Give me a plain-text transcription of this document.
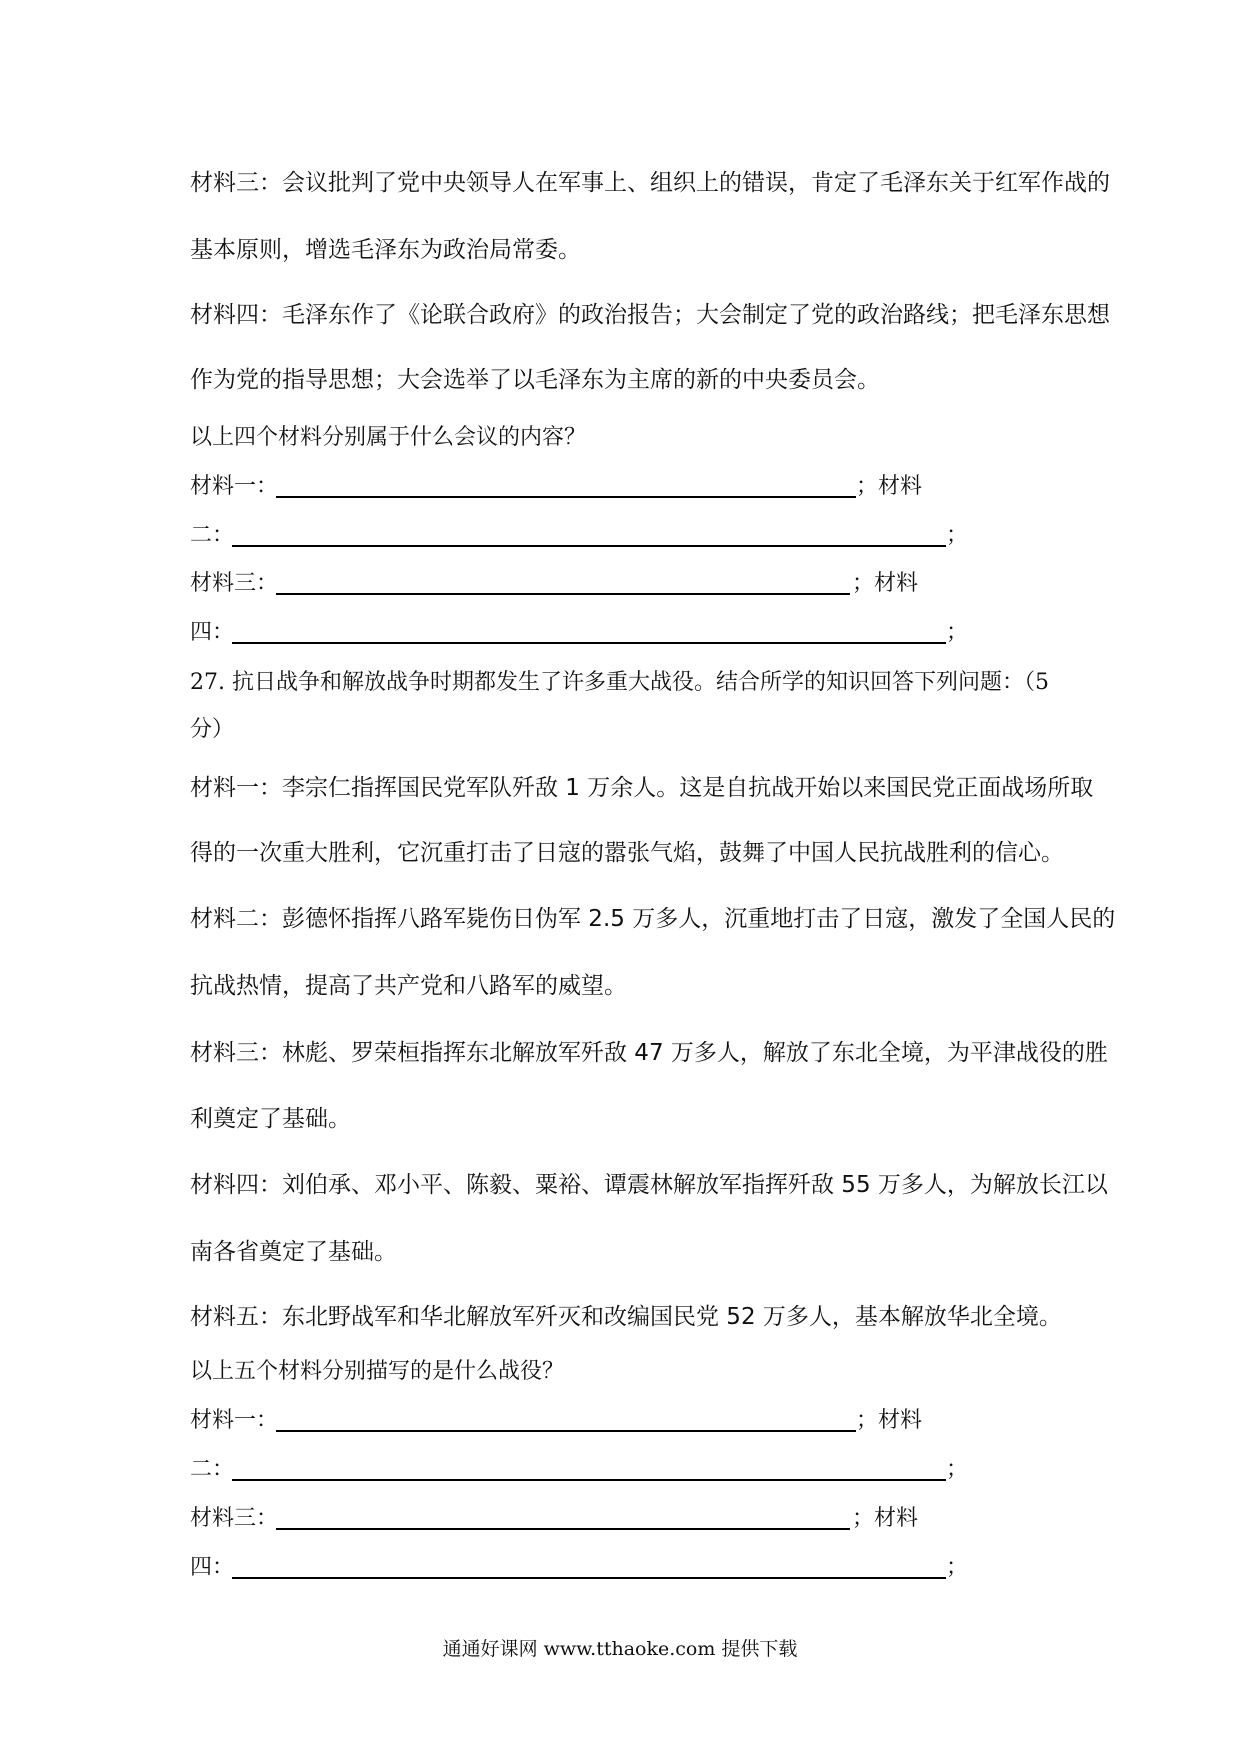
材料三：会议批判了党中央领导人在军事上、组织上的错误，肯定了毛泽东关于红军作战的
基本原则，增选毛泽东为政治局常委。
材料四：毛泽东作了《论联合政府》的政治报告；大会制定了党的政治路线；把毛泽东思想
作为党的指导思想；大会选举了以毛泽东为主席的新的中央委员会。
以上四个材料分别属于什么会议的内容？
材料一：	；材料
二：	；
材料三：	；材料
四：	；
27. 抗日战争和解放战争时期都发生了许多重大战役。结合所学的知识回答下列问题：（5
分）
材料一：李宗仁指挥国民党军队歼敌 1 万余人。这是自抗战开始以来国民党正面战场所取
得的一次重大胜利，它沉重打击了日寇的嚣张气焰，鼓舞了中国人民抗战胜利的信心。
材料二：彭德怀指挥八路军毙伤日伪军 2.5 万多人，沉重地打击了日寇，激发了全国人民的
抗战热情，提高了共产党和八路军的威望。
材料三：林彪、罗荣桓指挥东北解放军歼敌 47 万多人，解放了东北全境，为平津战役的胜
利奠定了基础。
材料四：刘伯承、邓小平、陈毅、粟裕、谭震林解放军指挥歼敌 55 万多人，为解放长江以
南各省奠定了基础。
材料五：东北野战军和华北解放军歼灭和改编国民党 52 万多人，基本解放华北全境。
以上五个材料分别描写的是什么战役？
材料一：	；材料
二：	；
材料三：	；材料
四：	；
通通好课网 www.tthaoke.com 提供下载
